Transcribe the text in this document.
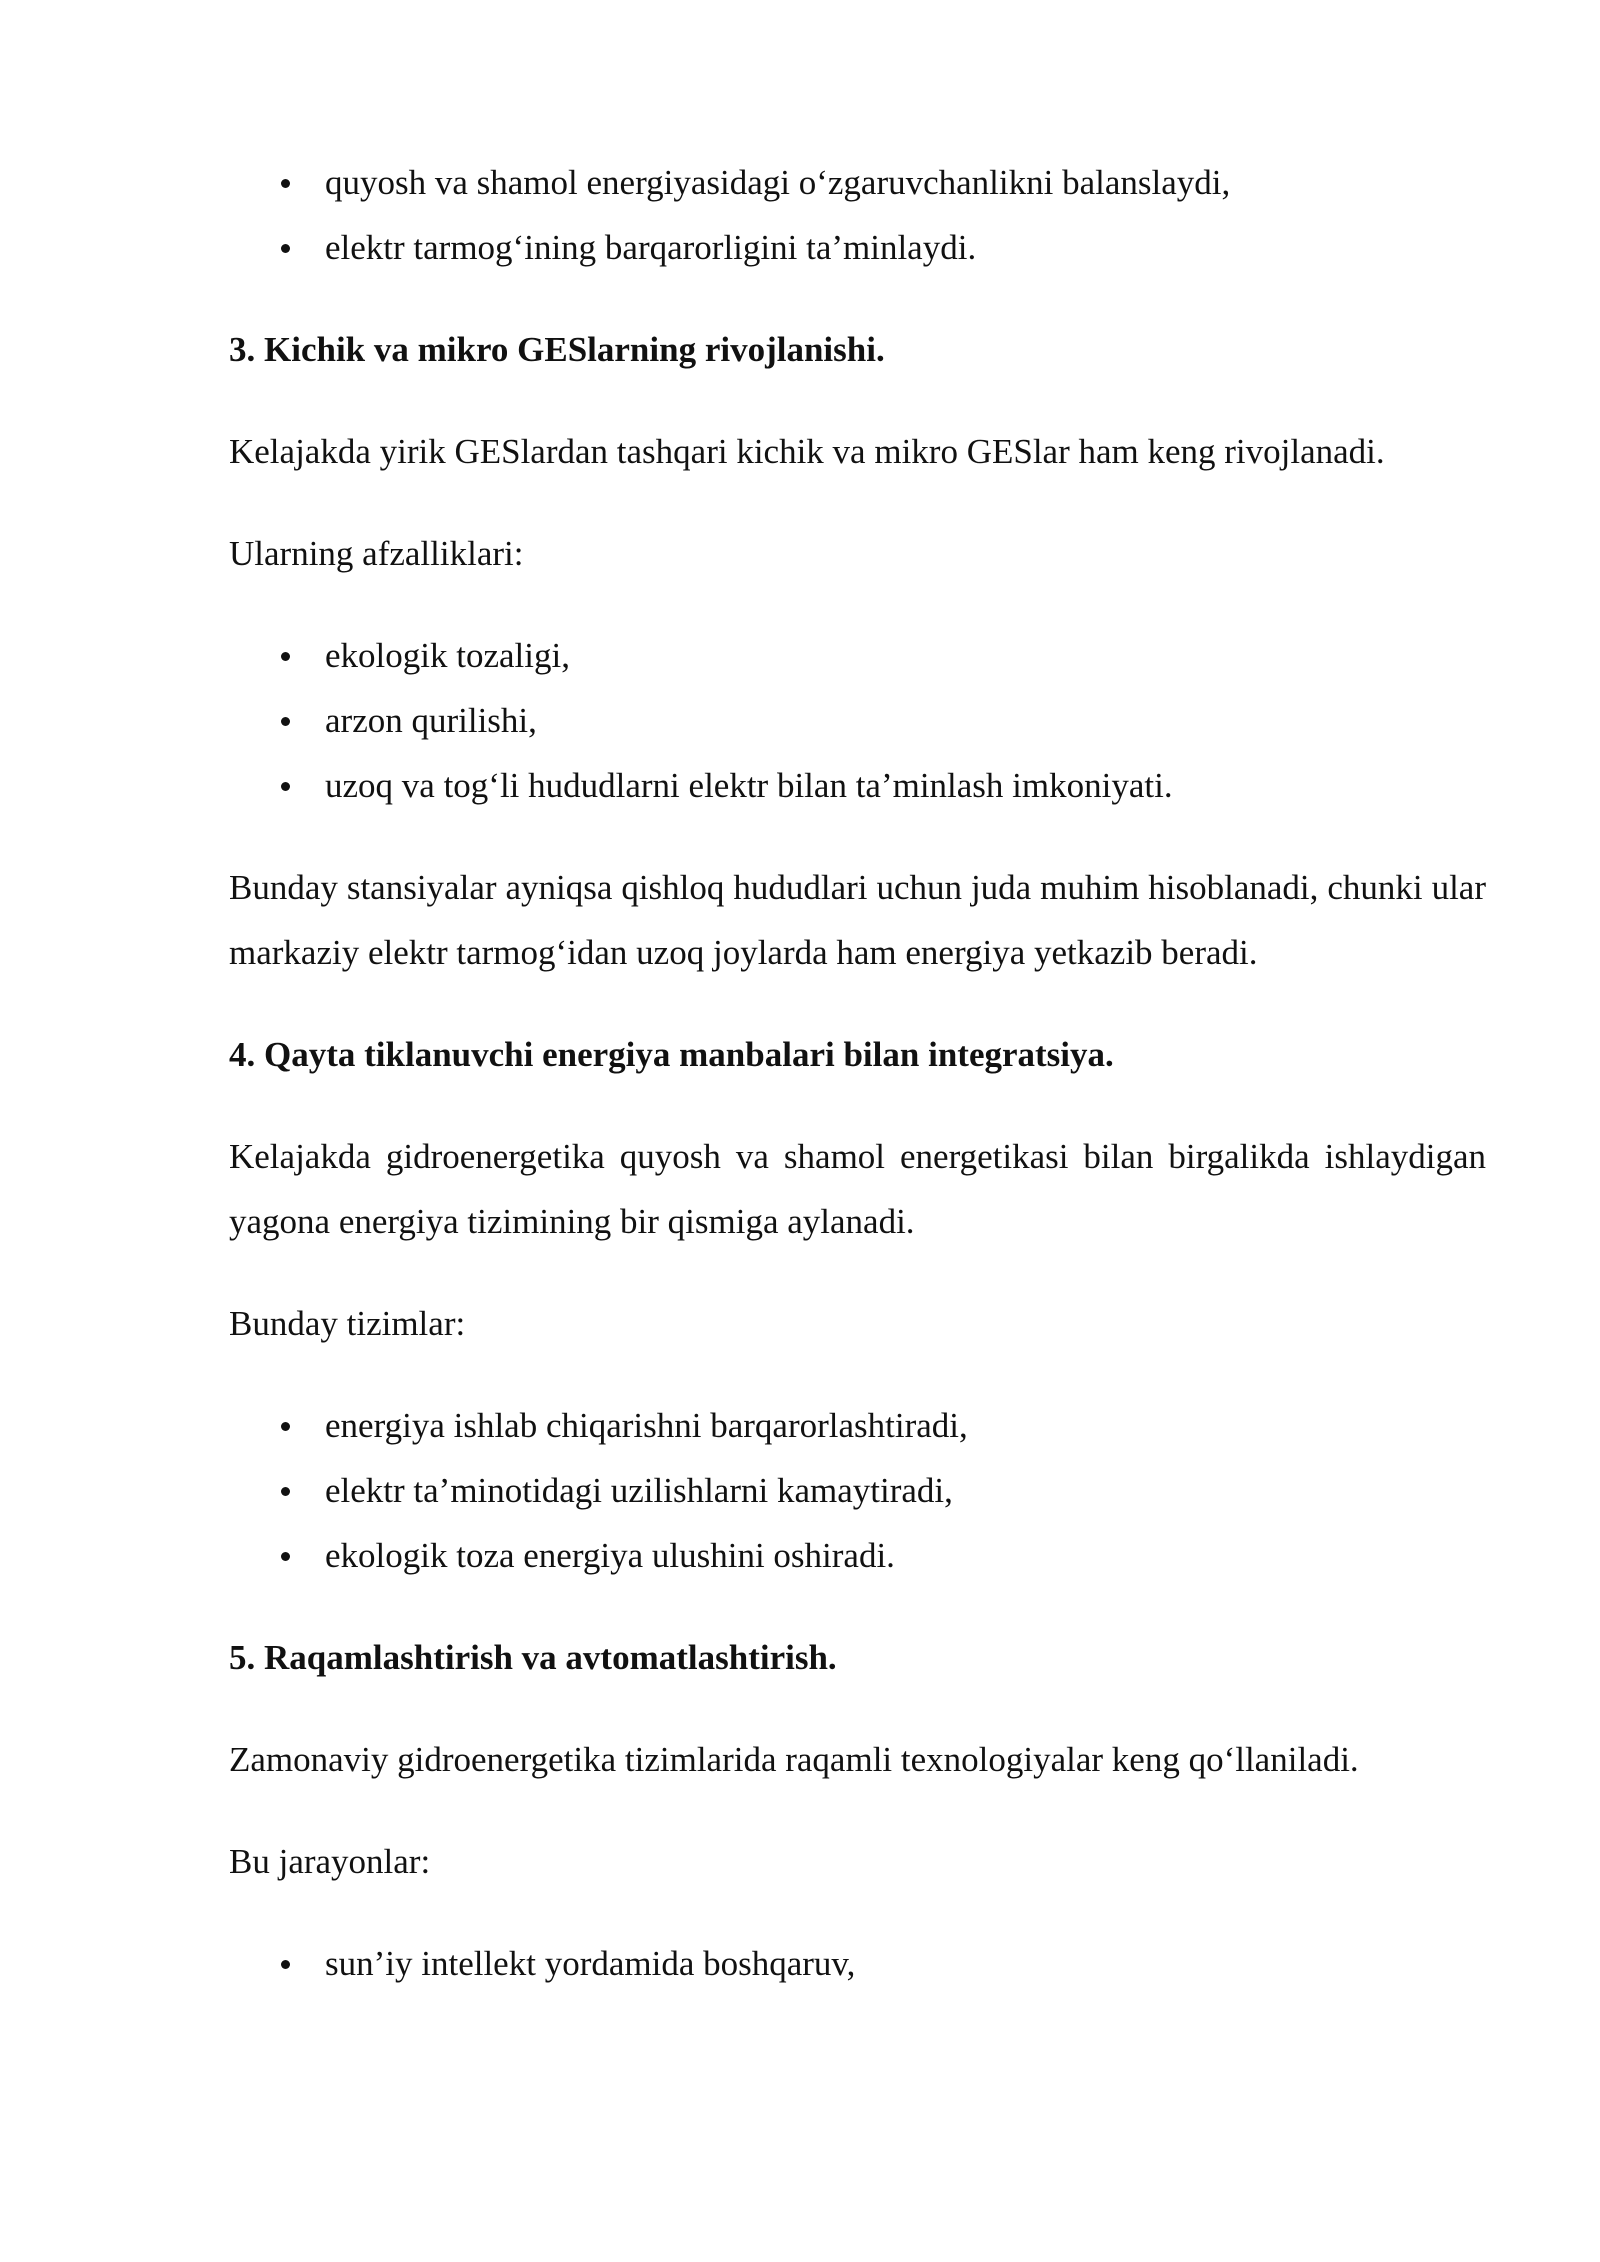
quyosh va shamol energiyasidagi o‘zgaruvchanlikni balanslaydi,
elektr tarmog‘ining barqarorligini ta’minlaydi.
3. Kichik va mikro GESlarning rivojlanishi.

Kelajakda yirik GESlardan tashqari kichik va mikro GESlar ham keng rivojlanadi.

Ularning afzalliklari:

ekologik tozaligi,
arzon qurilishi,
uzoq va tog‘li hududlarni elektr bilan ta’minlash imkoniyati.

Bunday stansiyalar ayniqsa qishloq hududlari uchun juda muhim hisoblanadi, chunki ular markaziy elektr tarmog‘idan uzoq joylarda ham energiya yetkazib beradi.

4. Qayta tiklanuvchi energiya manbalari bilan integratsiya.

Kelajakda gidroenergetika quyosh va shamol energetikasi bilan birgalikda ishlaydigan yagona energiya tizimining bir qismiga aylanadi.

Bunday tizimlar:

energiya ishlab chiqarishni barqarorlashtiradi,
elektr ta’minotidagi uzilishlarni kamaytiradi,
ekologik toza energiya ulushini oshiradi.
5. Raqamlashtirish va avtomatlashtirish.

Zamonaviy gidroenergetika tizimlarida raqamli texnologiyalar keng qo‘llaniladi.

Bu jarayonlar:

sun’iy intellekt yordamida boshqaruv,
